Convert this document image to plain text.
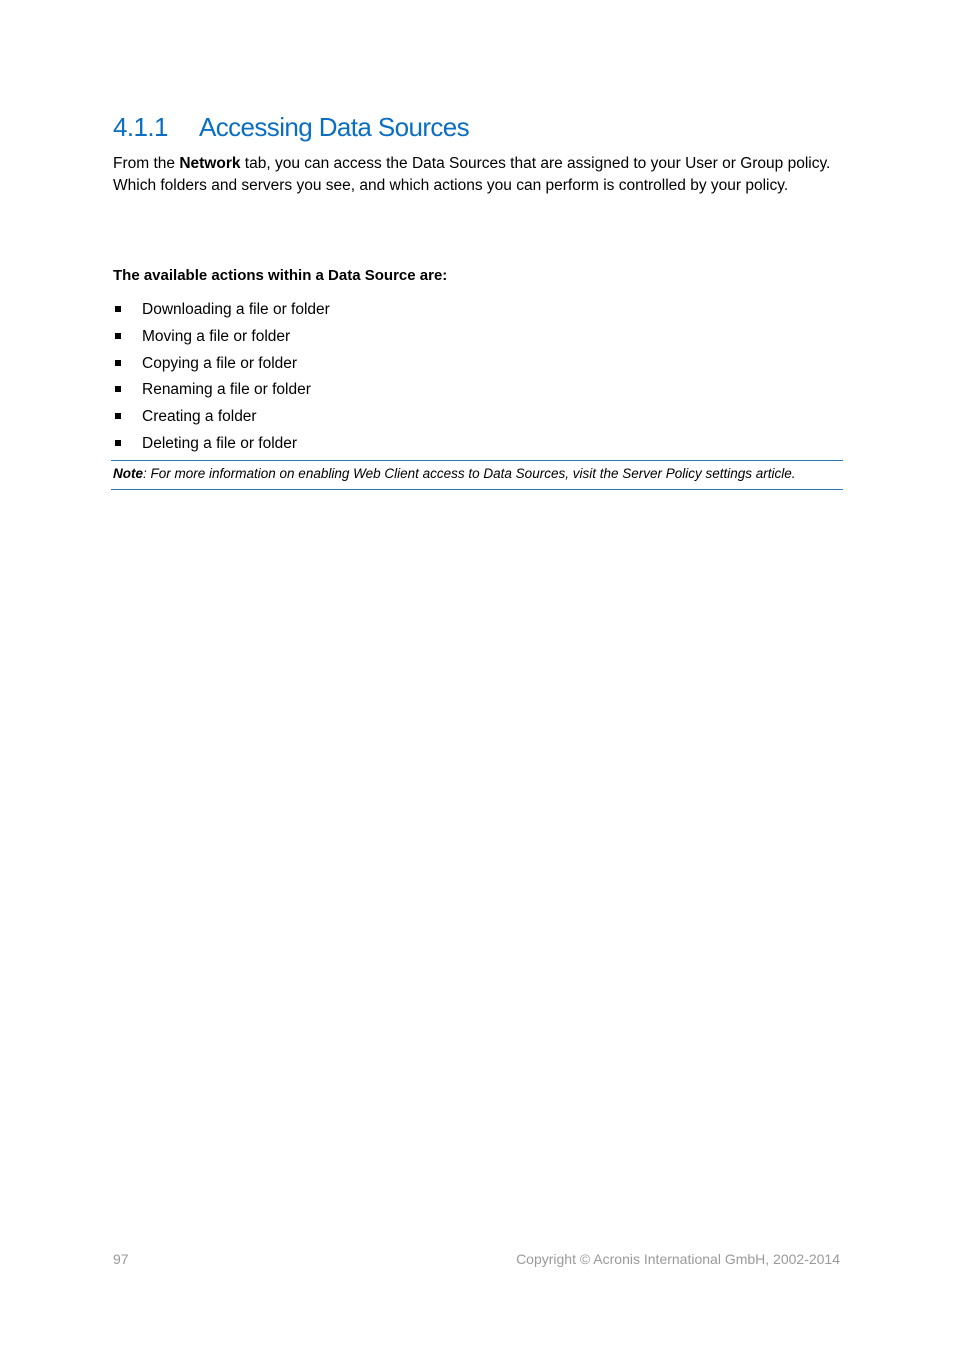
4.1.1 Accessing Data Sources
From the Network tab, you can access the Data Sources that are assigned to your User or Group policy. Which folders and servers you see, and which actions you can perform is controlled by your policy.
The available actions within a Data Source are:
Downloading a file or folder
Moving a file or folder
Copying a file or folder
Renaming a file or folder
Creating a folder
Deleting a file or folder
Note: For more information on enabling Web Client access to Data Sources, visit the Server Policy settings article.
97	Copyright © Acronis International GmbH, 2002-2014
